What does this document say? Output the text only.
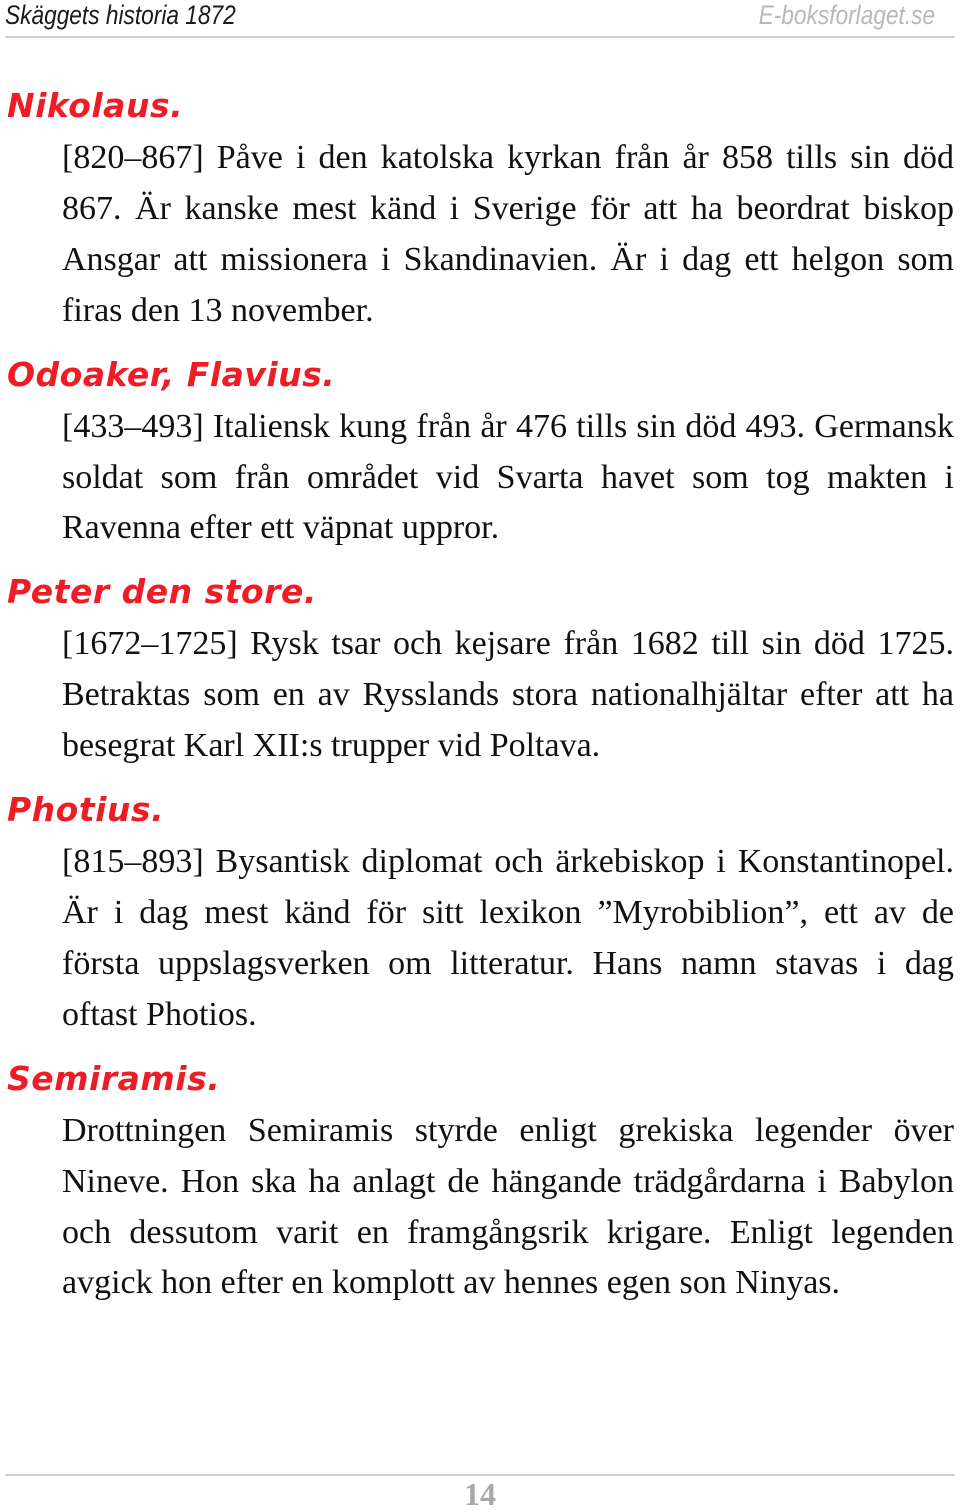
Skäggets historia 1872	E-boksforlaget.se
Nikolaus.

[820–867] Påve i den katolska kyrkan från år 858 tills sin död 867. Är kanske mest känd i Sverige för att ha beordrat biskop Ansgar att missionera i Skandinavien. Är i dag ett helgon som firas den 13 november.

Odoaker, Flavius.

[433–493] Italiensk kung från år 476 tills sin död 493. Germansk soldat som från området vid Svarta havet som tog makten i Ravenna efter ett väpnat uppror.

Peter den store.

[1672–1725] Rysk tsar och kejsare från 1682 till sin död 1725. Betraktas som en av Rysslands stora nationalhjältar efter att ha besegrat Karl XII:s trupper vid Poltava.

Photius.

[815–893] Bysantisk diplomat och ärkebiskop i Konstantinopel. Är i dag mest känd för sitt lexikon ”Myrobiblion”, ett av de första uppslagsverken om litteratur. Hans namn stavas i dag oftast Photios.

Semiramis.

Drottningen Semiramis styrde enligt grekiska legender över Nineve. Hon ska ha anlagt de hängande trädgårdarna i Babylon och dessutom varit en framgångsrik krigare. Enligt legenden avgick hon efter en komplott av hennes egen son Ninyas.

14
